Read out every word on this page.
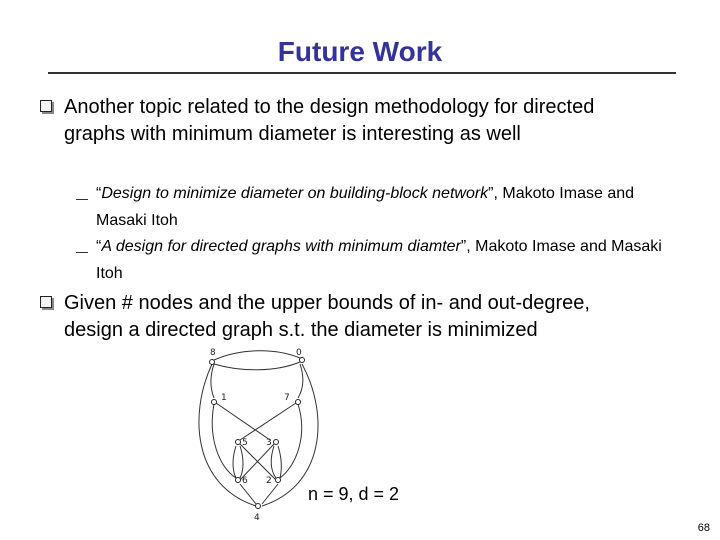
Future Work
Another topic related to the design methodology for directed graphs with minimum diameter is interesting as well
“Design to minimize diameter on building-block network”, Makoto Imase and Masaki Itoh
“A design for directed graphs with minimum diamter”, Makoto Imase and Masaki Itoh
Given # nodes and the upper bounds of in- and out-degree, design a directed graph s.t. the diameter is minimized
8	0
1	7
5 3
6 2
4
n = 9, d = 2
68
